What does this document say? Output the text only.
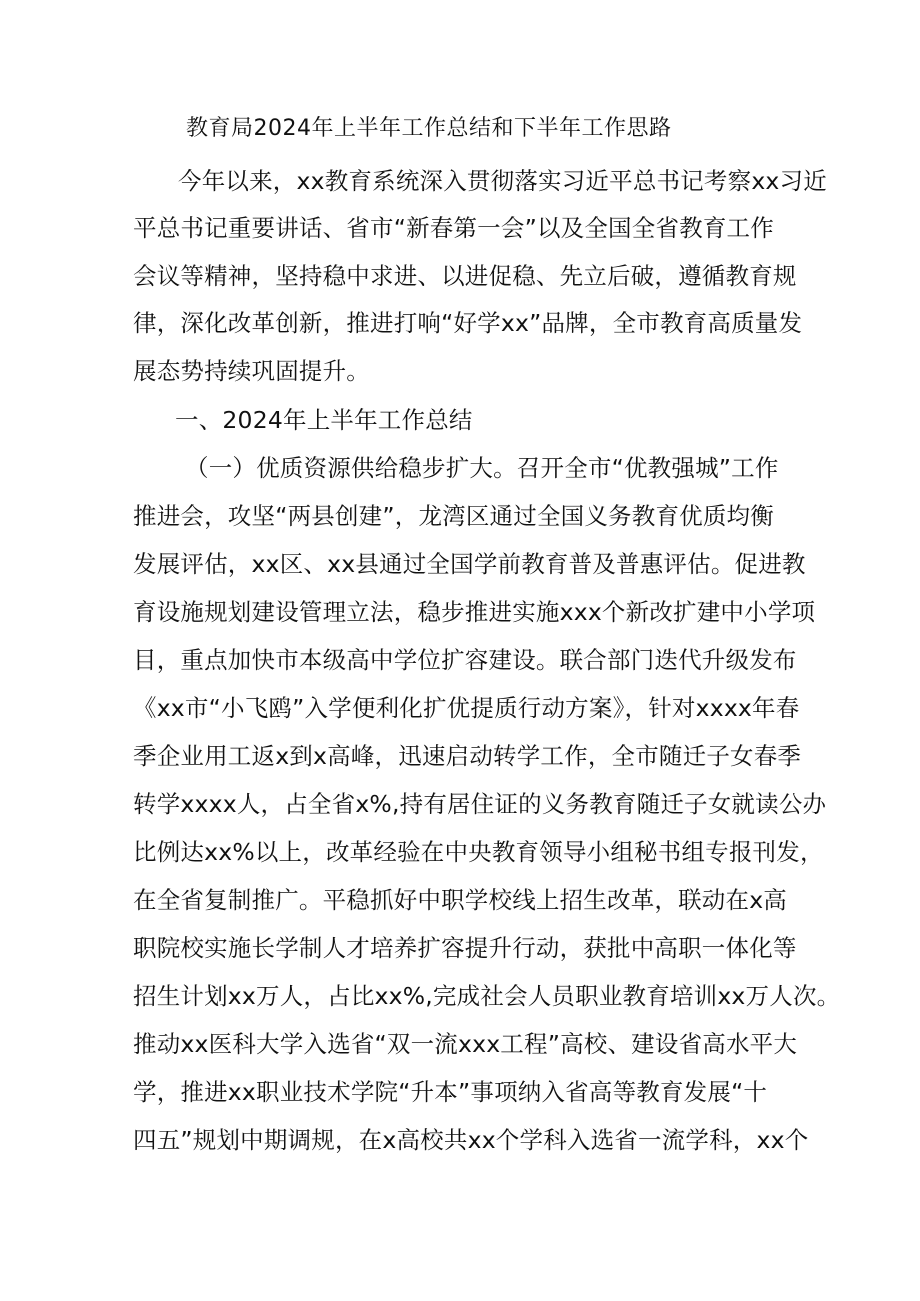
教育局2024年上半年工作总结和下半年工作思路
今年以来，xx教育系统深入贯彻落实习近平总书记考察xx习近
平总书记重要讲话、省市“新春第一会”以及全国全省教育工作
会议等精神，坚持稳中求进、以进促稳、先立后破，遵循教育规
律，深化改革创新，推进打响“好学xx”品牌，全市教育高质量发
展态势持续巩固提升。
一、2024年上半年工作总结
（一）优质资源供给稳步扩大。召开全市“优教强城”工作
推进会，攻坚“两县创建”，龙湾区通过全国义务教育优质均衡
发展评估，xx区、xx县通过全国学前教育普及普惠评估。促进教
育设施规划建设管理立法，稳步推进实施xxx个新改扩建中小学项
目，重点加快市本级高中学位扩容建设。联合部门迭代升级发布
《xx市“小飞鸥”入学便利化扩优提质行动方案》，针对xxxx年春
季企业用工返x到x高峰，迅速启动转学工作，全市随迁子女春季
转学xxxx人，占全省x%,持有居住证的义务教育随迁子女就读公办
比例达xx%以上，改革经验在中央教育领导小组秘书组专报刊发，
在全省复制推广。平稳抓好中职学校线上招生改革，联动在x高
职院校实施长学制人才培养扩容提升行动，获批中高职一体化等
招生计划xx万人，占比xx%,完成社会人员职业教育培训xx万人次。
推动xx医科大学入选省“双一流xxx工程”高校、建设省高水平大
学，推进xx职业技术学院“升本”事项纳入省高等教育发展“十
四五”规划中期调规，在x高校共xx个学科入选省一流学科，xx个
